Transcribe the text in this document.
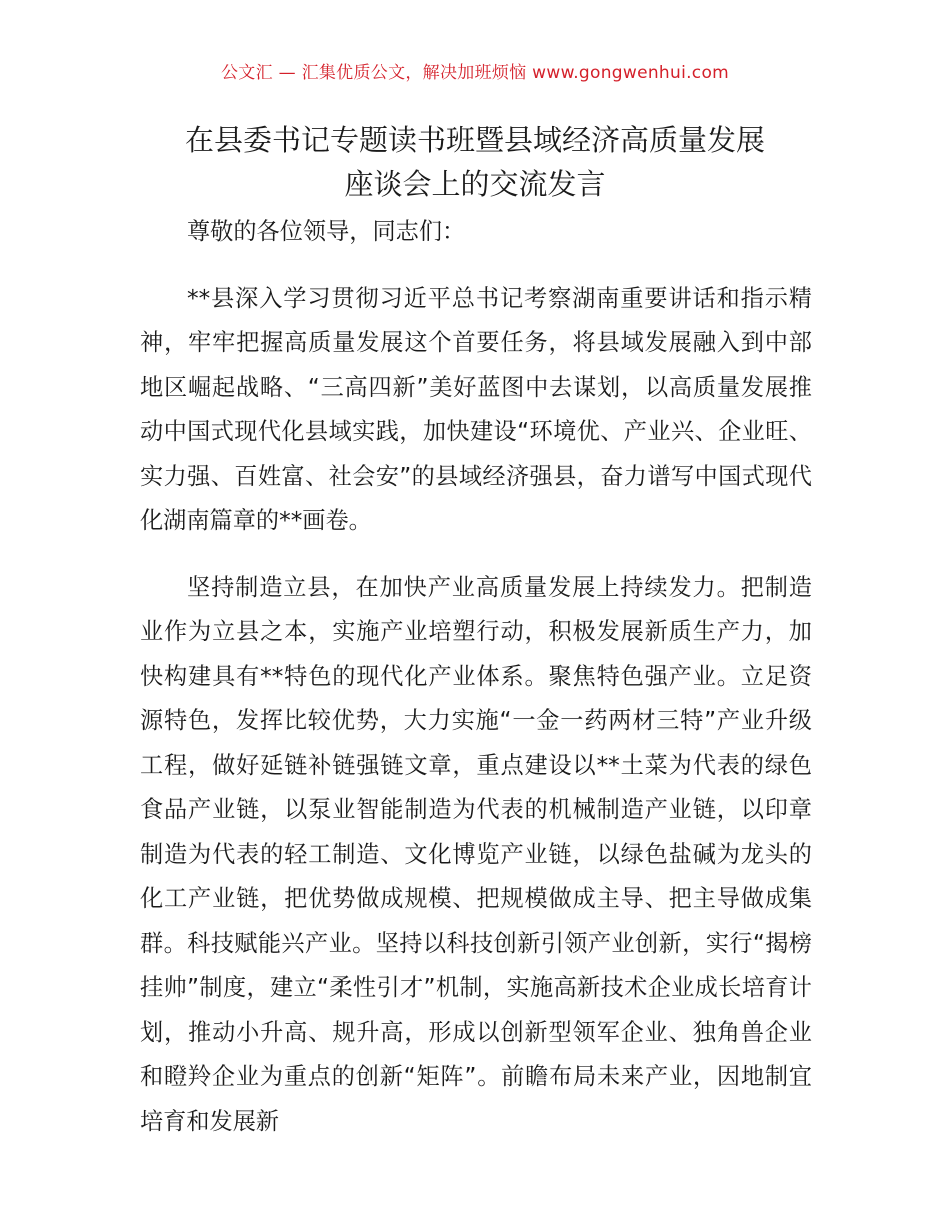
公文汇 — 汇集优质公文，解决加班烦恼 www.gongwenhui.com
在县委书记专题读书班暨县域经济高质量发展
座谈会上的交流发言

尊敬的各位领导，同志们：

**县深入学习贯彻习近平总书记考察湖南重要讲话和指示精神，牢牢把握高质量发展这个首要任务，将县域发展融入到中部地区崛起战略、“三高四新”美好蓝图中去谋划，以高质量发展推动中国式现代化县域实践，加快建设“环境优、产业兴、企业旺、实力强、百姓富、社会安”的县域经济强县，奋力谱写中国式现代化湖南篇章的**画卷。

坚持制造立县，在加快产业高质量发展上持续发力。把制造业作为立县之本，实施产业培塑行动，积极发展新质生产力，加快构建具有**特色的现代化产业体系。聚焦特色强产业。立足资源特色，发挥比较优势，大力实施“一金一药两材三特”产业升级工程，做好延链补链强链文章，重点建设以**土菜为代表的绿色食品产业链，以泵业智能制造为代表的机械制造产业链，以印章制造为代表的轻工制造、文化博览产业链，以绿色盐碱为龙头的化工产业链，把优势做成规模、把规模做成主导、把主导做成集群。科技赋能兴产业。坚持以科技创新引领产业创新，实行“揭榜挂帅”制度，建立“柔性引才”机制，实施高新技术企业成长培育计划，推动小升高、规升高，形成以创新型领军企业、独角兽企业和瞪羚企业为重点的创新“矩阵”。前瞻布局未来产业，因地制宜培育和发展新
